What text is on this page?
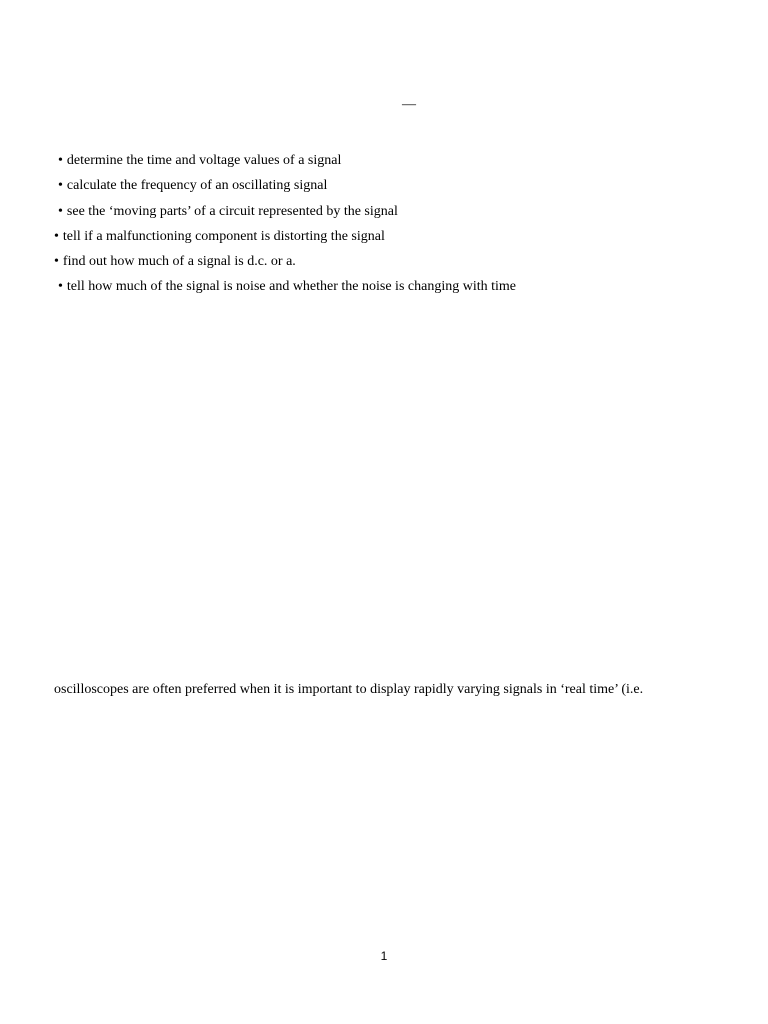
—
• determine the time and voltage values of a signal
• calculate the frequency of an oscillating signal
• see the ‘moving parts’ of a circuit represented by the signal
• tell if a malfunctioning component is distorting the signal
• find out how much of a signal is d.c. or a.
• tell how much of the signal is noise and whether the noise is changing with time
oscilloscopes are often preferred when it is important to display rapidly varying signals in ‘real time’ (i.e.
1
